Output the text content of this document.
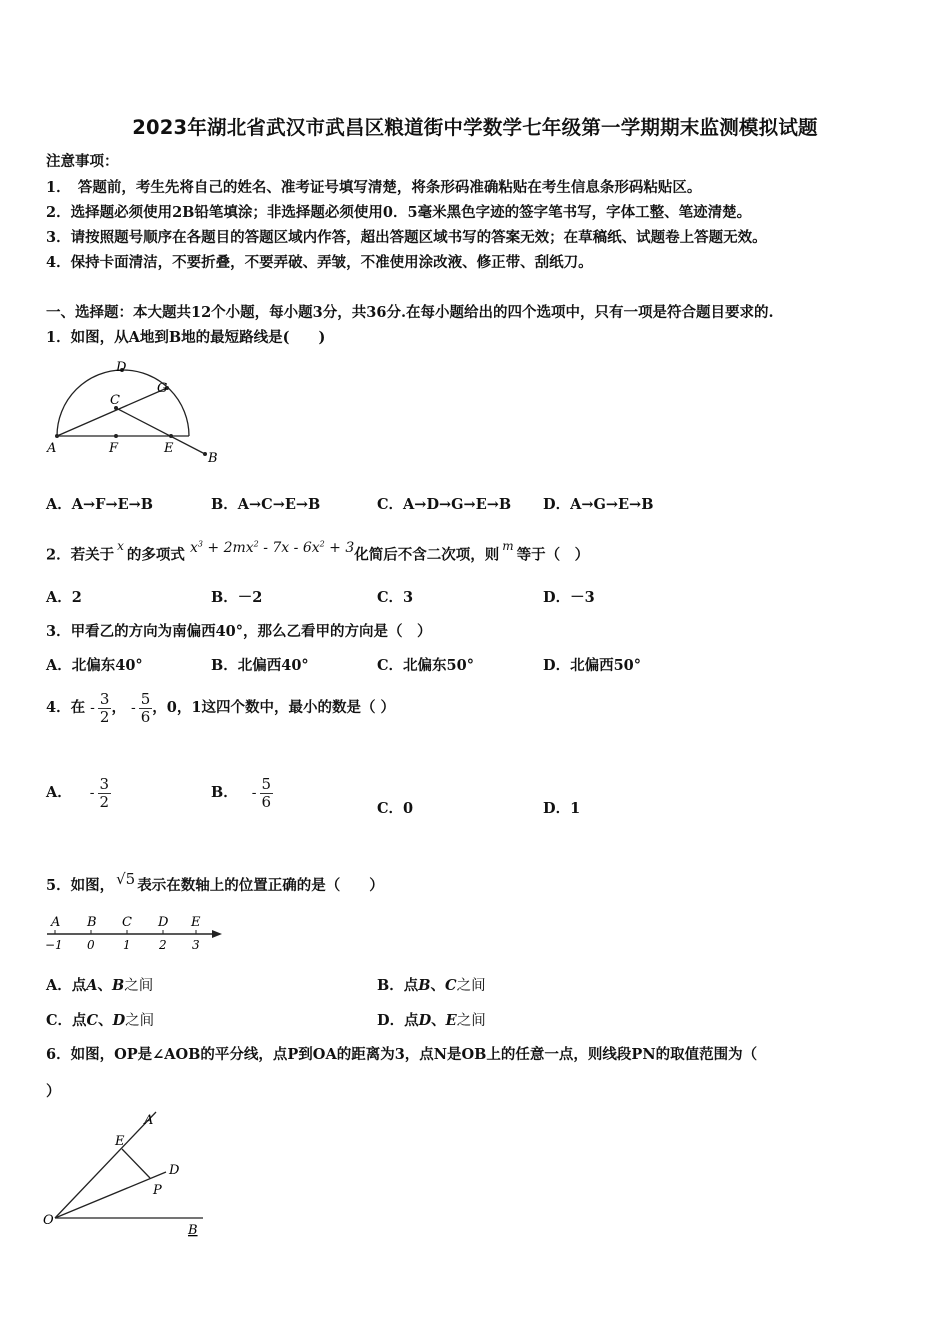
2023年湖北省武汉市武昌区粮道街中学数学七年级第一学期期末监测模拟试题
注意事项：
1．　答题前，考生先将自己的姓名、准考证号填写清楚，将条形码准确粘贴在考生信息条形码粘贴区。
2．选择题必须使用2B铅笔填涂；非选择题必须使用0．5毫米黑色字迹的签字笔书写，字体工整、笔迹清楚。
3．请按照题号顺序在各题目的答题区域内作答，超出答题区域书写的答案无效；在草稿纸、试题卷上答题无效。
4．保持卡面清洁，不要折叠，不要弄破、弄皱，不准使用涂改液、修正带、刮纸刀。
一、选择题：本大题共12个小题，每小题3分，共36分.在每小题给出的四个选项中，只有一项是符合题目要求的.
1．如图，从A地到B地的最短路线是(　　)
D
G
C
A	F	E
B
A．A→F→E→B	B．A→C→E→B	C．A→D→G→E→B D．A→G→E→B
2．若关于$^x$的多项式 $x^3 + 2mx^2 - 7x - 6x^2 + 3$化简后不含二次项，则$^m$等于（　）
A．2	B．－2	C．3	D．－3
3．甲看乙的方向为南偏西40°，那么乙看甲的方向是（　）
A．北偏东40°	B．北偏西40°	C．北偏东50°	D．北偏西50°
4．在 - $\frac{3}{2}$ ， - $\frac{5}{6}$ ，0，1这四个数中，最小的数是（ ）
A． - $\frac{3}{2}$	B． - $\frac{5}{6}$	C．0	D．1
5．如图， √5 表示在数轴上的位置正确的是（　　）
A B C D E
−1 0 1 2 3
A．点A、B之间	B．点B、C之间
C．点C、D之间	D．点D、E之间
6．如图，OP是∠AOB的平分线，点P到OA的距离为3，点N是OB上的任意一点，则线段PN的取值范围为（
）
A
E
D
P
O
B
